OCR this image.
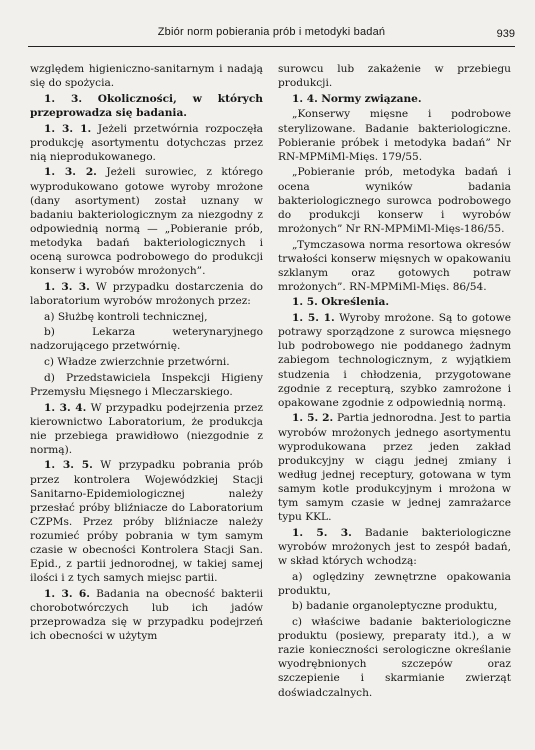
Zbiór norm pobierania prób i metodyki badań	939

względem higieniczno-sanitarnym i nadają się do spożycia.

1. 3. Okoliczności, w których przeprowadza się badania.

1. 3. 1. Jeżeli przetwórnia rozpoczęła produkcję asortymentu dotychczas przez nią nieprodukowanego.

1. 3. 2. Jeżeli surowiec, z którego wyprodukowano gotowe wyroby mrożone (dany asortyment) został uznany w badaniu bakteriologicznym za niezgodny z odpowiednią normą — „Pobieranie prób, metodyka badań bakteriologicznych i oceną surowca podrobowego do produkcji konserw i wyrobów mrożonych”.

1. 3. 3. W przypadku dostarczenia do laboratorium wyrobów mrożonych przez:

a) Służbę kontroli technicznej,

b) Lekarza weterynaryjnego nadzorującego przetwórnię.

c) Władze zwierzchnie przetwórni.

d) Przedstawiciela Inspekcji Higieny Przemysłu Mięsnego i Mleczarskiego.

1. 3. 4. W przypadku podejrzenia przez kierownictwo Laboratorium, że produkcja nie przebiega prawidłowo (niezgodnie z normą).

1. 3. 5. W przypadku pobrania prób przez kontrolera Wojewódzkiej Stacji Sanitarno-Epidemiologicznej należy przesłać próby bliźniacze do Laboratorium CZPMs. Przez próby bliźniacze należy rozumieć próby pobrania w tym samym czasie w obecności Kontrolera Stacji San. Epid., z partii jednorodnej, w takiej samej ilości i z tych samych miejsc partii.

1. 3. 6. Badania na obecność bakterii chorobotwórczych lub ich jadów przeprowadza się w przypadku podejrzeń ich obecności w użytym

surowcu lub zakażenie w przebiegu produkcji.

1. 4. Normy związane.

„Konserwy mięsne i podrobowe sterylizowane. Badanie bakteriologiczne. Pobieranie próbek i metodyka badań” Nr RN-MPMiMl-Mięs. 179/55.

„Pobieranie prób, metodyka badań i ocena wyników badania bakteriologicznego surowca podrobowego do produkcji konserw i wyrobów mrożonych” Nr RN-MPMiMl-Mięs-186/55.

„Tymczasowa norma resortowa okresów trwałości konserw mięsnych w opakowaniu szklanym oraz gotowych potraw mrożonych”. RN-MPMiMl-Mięs. 86/54.

1. 5. Określenia.

1. 5. 1. Wyroby mrożone. Są to gotowe potrawy sporządzone z surowca mięsnego lub podrobowego nie poddanego żadnym zabiegom technologicznym, z wyjątkiem studzenia i chłodzenia, przygotowane zgodnie z recepturą, szybko zamrożone i opakowane zgodnie z odpowiednią normą.

1. 5. 2. Partia jednorodna. Jest to partia wyrobów mrożonych jednego asortymentu wyprodukowana przez jeden zakład produkcyjny w ciągu jednej zmiany i według jednej receptury, gotowana w tym samym kotle produkcyjnym i mrożona w tym samym czasie w jednej zamrażarce typu KKL.

1. 5. 3. Badanie bakteriologiczne wyrobów mrożonych jest to zespół badań, w skład których wchodzą:

a) oględziny zewnętrzne opakowania produktu,

b) badanie organoleptyczne produktu,

c) właściwe badanie bakteriologiczne produktu (posiewy, preparaty itd.), a w razie konieczności serologiczne określanie wyodrębnionych szczepów oraz szczepienie i skarmianie zwierząt doświadczalnych.
